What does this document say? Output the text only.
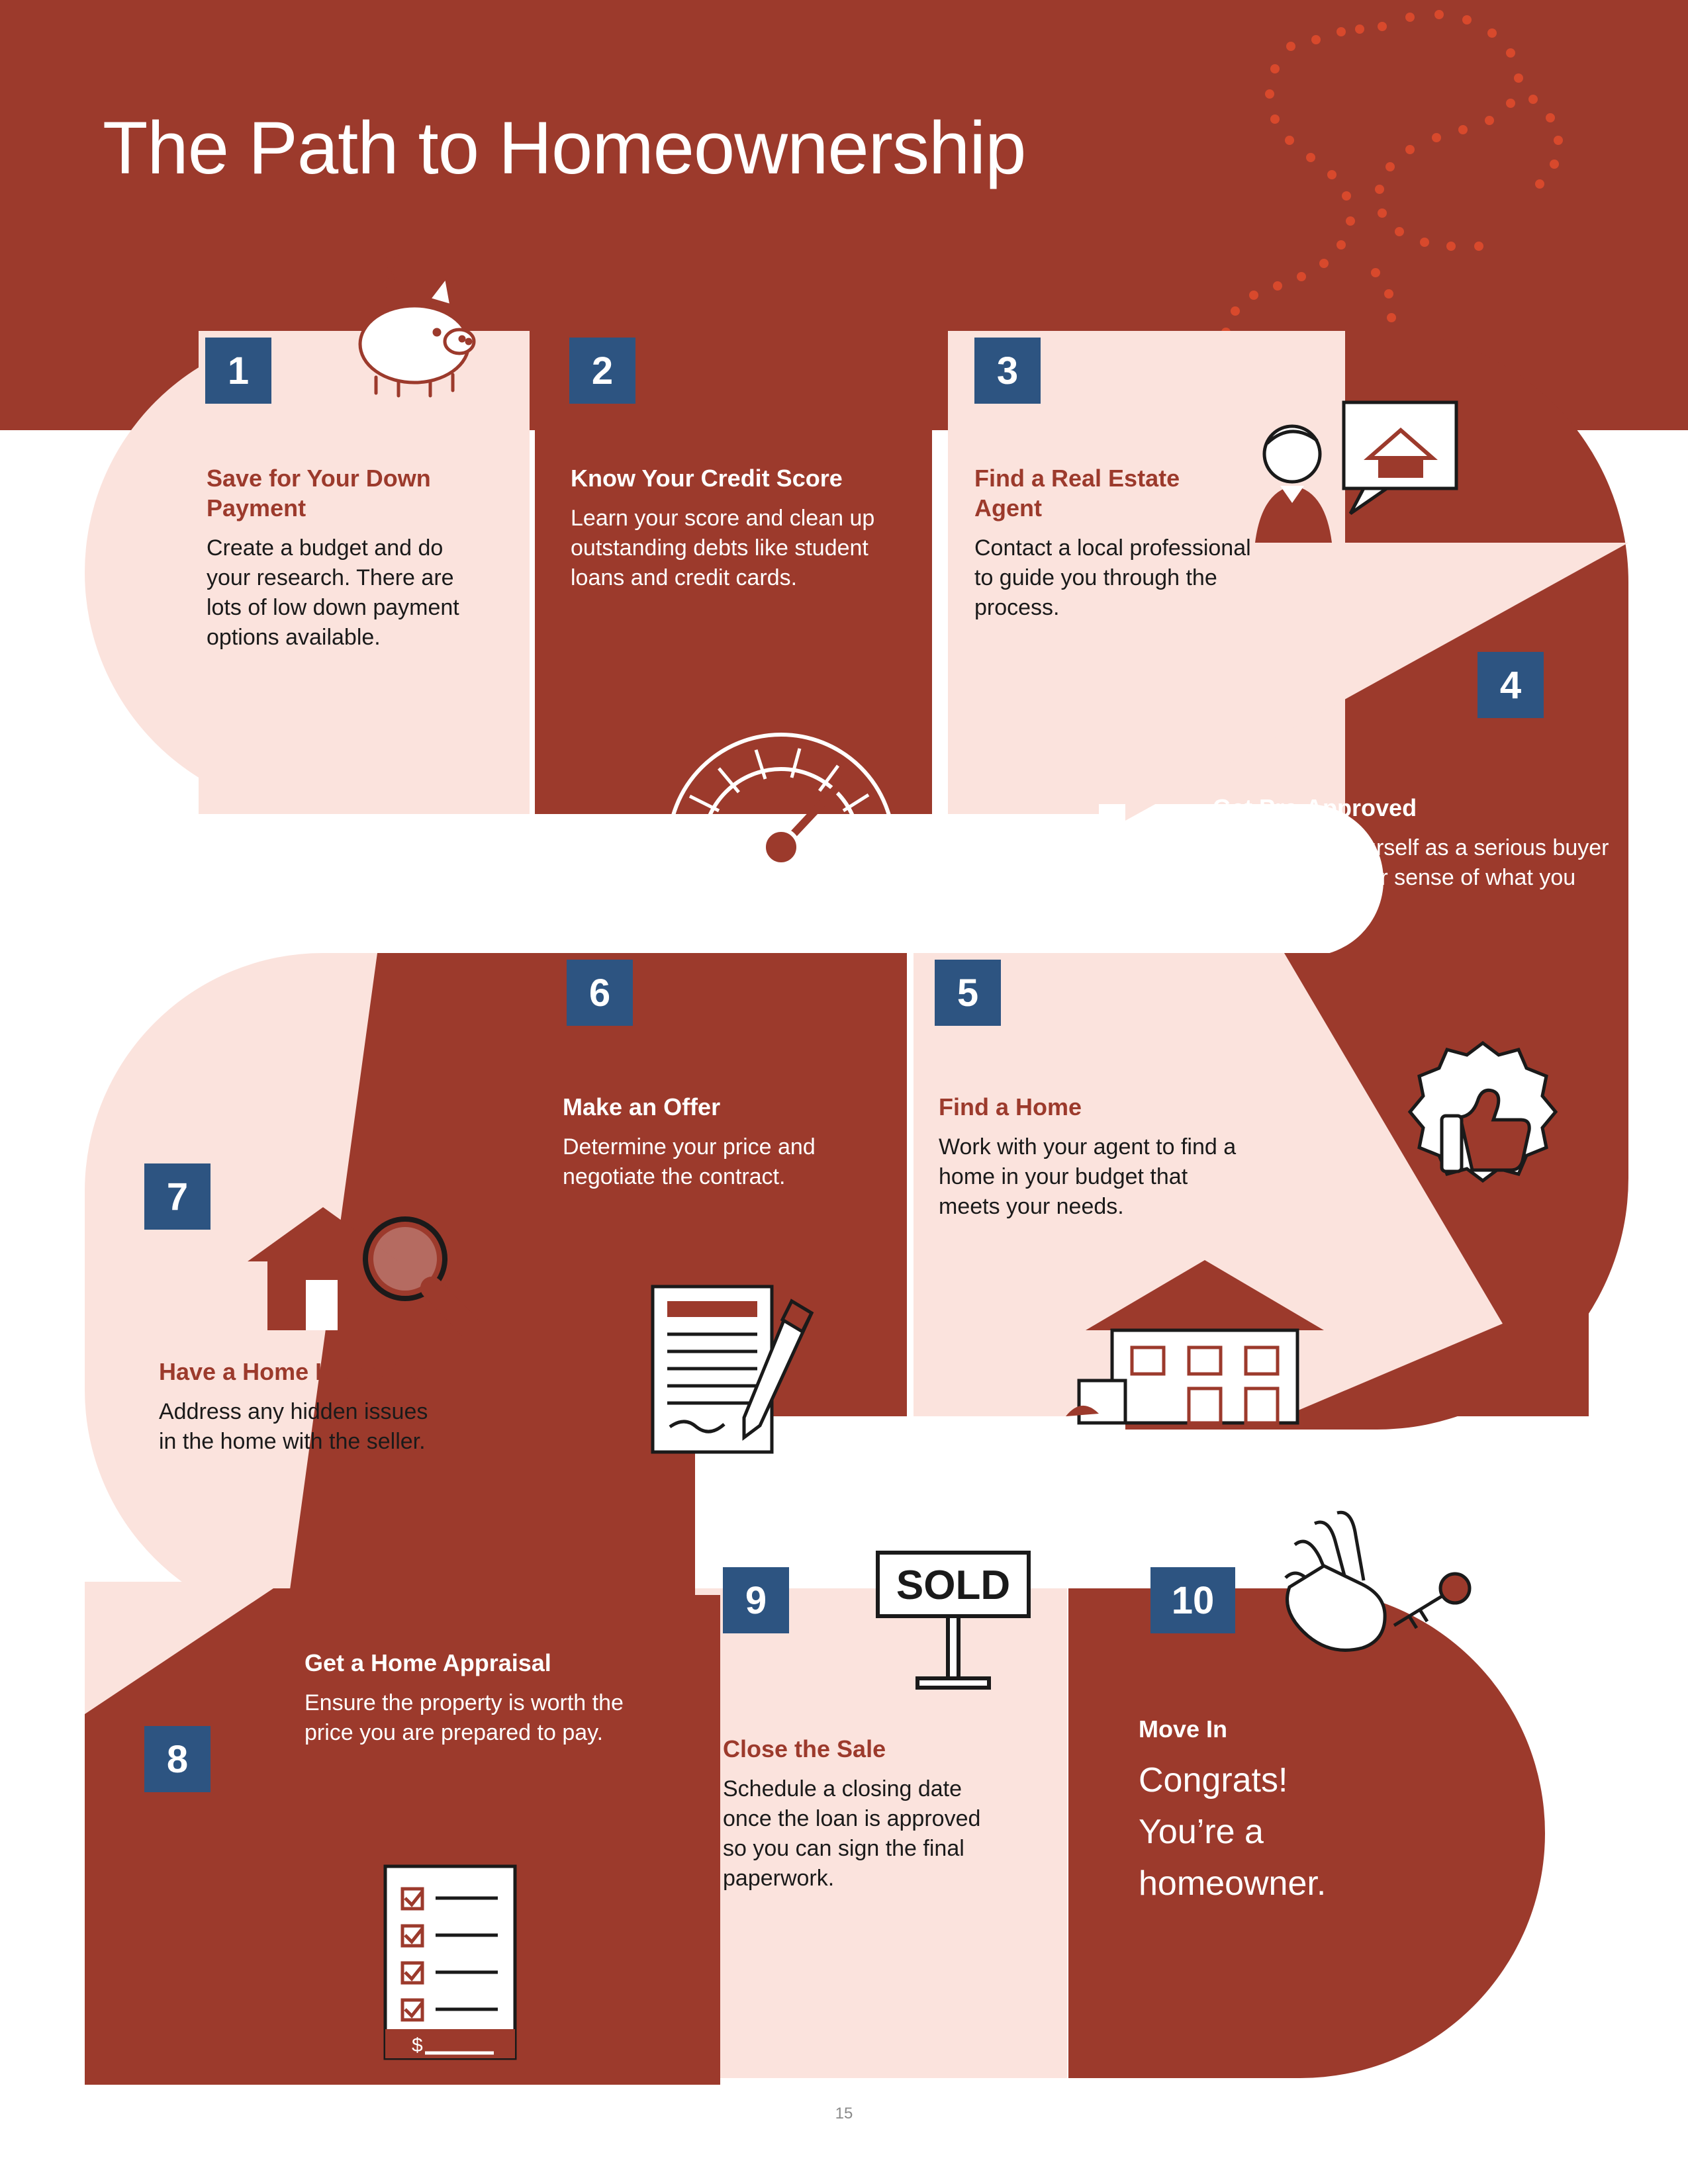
The Path to Homeownership
1	2	3
4
5
6
7
8
9	10
Save for Your Down Payment
Create a budget and do your research. There are lots of low down payment options available.
Know Your Credit Score
Learn your score and clean up outstanding debts like student loans and credit cards.
Find a Real Estate Agent
Contact a local professional to guide you through the process.
Get Pre-Approved
Differentiate yourself as a serious buyer and have a better sense of what you can afford.
Find a Home
Work with your agent to find a home in your budget that meets your needs.
Make an Offer
Determine your price and negotiate the contract.
Have a Home Inspection
Address any hidden issues in the home with the seller.
Get a Home Appraisal
Ensure the property is worth the price you are prepared to pay.
Close the Sale
Schedule a closing date once the loan is approved so you can sign the final paperwork.
Move In
Congrats!
You’re a
homeowner.
$
$
SOLD
15
